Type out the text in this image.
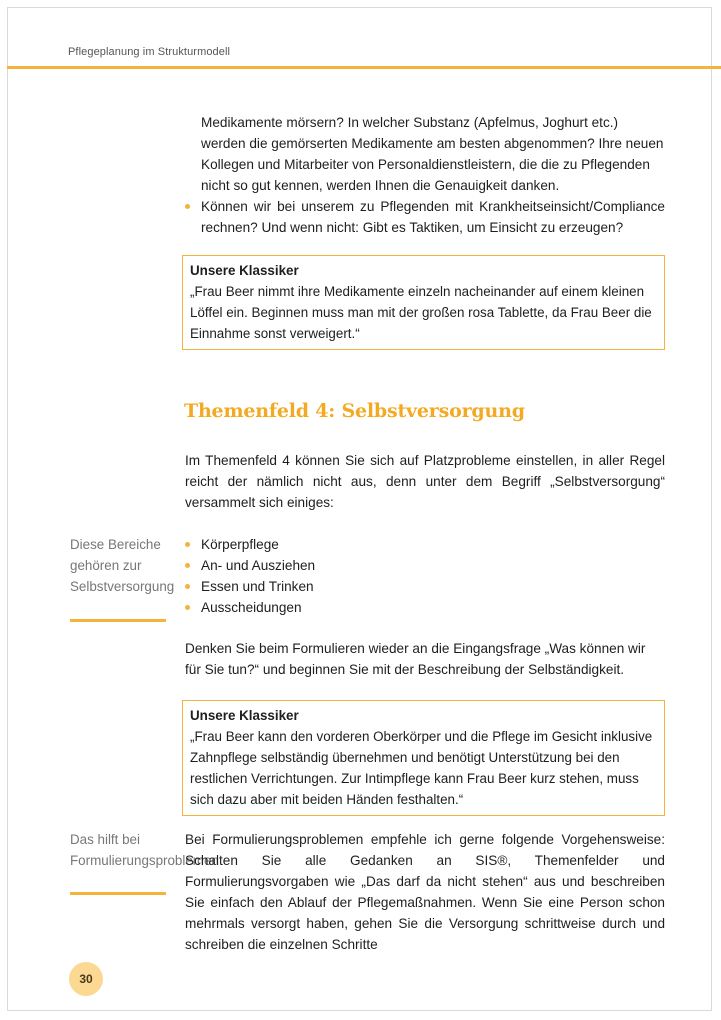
Pflegeplanung im Strukturmodell
Medikamente mörsern? In welcher Substanz (Apfelmus, Joghurt etc.) werden die gemörserten Medikamente am besten abgenommen? Ihre neuen Kollegen und Mitarbeiter von Personaldienstleistern, die die zu Pflegenden nicht so gut kennen, werden Ihnen die Genauigkeit danken.
Können wir bei unserem zu Pflegenden mit Krankheitseinsicht/Compliance rechnen? Und wenn nicht: Gibt es Taktiken, um Einsicht zu erzeugen?
Unsere Klassiker
„Frau Beer nimmt ihre Medikamente einzeln nacheinander auf einem kleinen Löffel ein. Beginnen muss man mit der großen rosa Tablette, da Frau Beer die Einnahme sonst verweigert.“
Themenfeld 4: Selbstversorgung
Im Themenfeld 4 können Sie sich auf Platzprobleme einstellen, in aller Regel reicht der nämlich nicht aus, denn unter dem Begriff „Selbstversorgung“ versammelt sich einiges:
Diese Bereiche gehören zur Selbstversorgung
Körperpflege
An- und Ausziehen
Essen und Trinken
Ausscheidungen
Denken Sie beim Formulieren wieder an die Eingangsfrage „Was können wir für Sie tun?“ und beginnen Sie mit der Beschreibung der Selbständigkeit.
Unsere Klassiker
„Frau Beer kann den vorderen Oberkörper und die Pflege im Gesicht inklusive Zahnpflege selbständig übernehmen und benötigt Unterstützung bei den restlichen Verrichtungen. Zur Intimpflege kann Frau Beer kurz stehen, muss sich dazu aber mit beiden Händen festhalten.“
Das hilft bei Formulierungsproblemen
Bei Formulierungsproblemen empfehle ich gerne folgende Vorgehensweise: Schalten Sie alle Gedanken an SIS®, Themenfelder und Formulierungsvorgaben wie „Das darf da nicht stehen“ aus und beschreiben Sie einfach den Ablauf der Pflegemaßnahmen. Wenn Sie eine Person schon mehrmals versorgt haben, gehen Sie die Versorgung schrittweise durch und schreiben die einzelnen Schritte
30
